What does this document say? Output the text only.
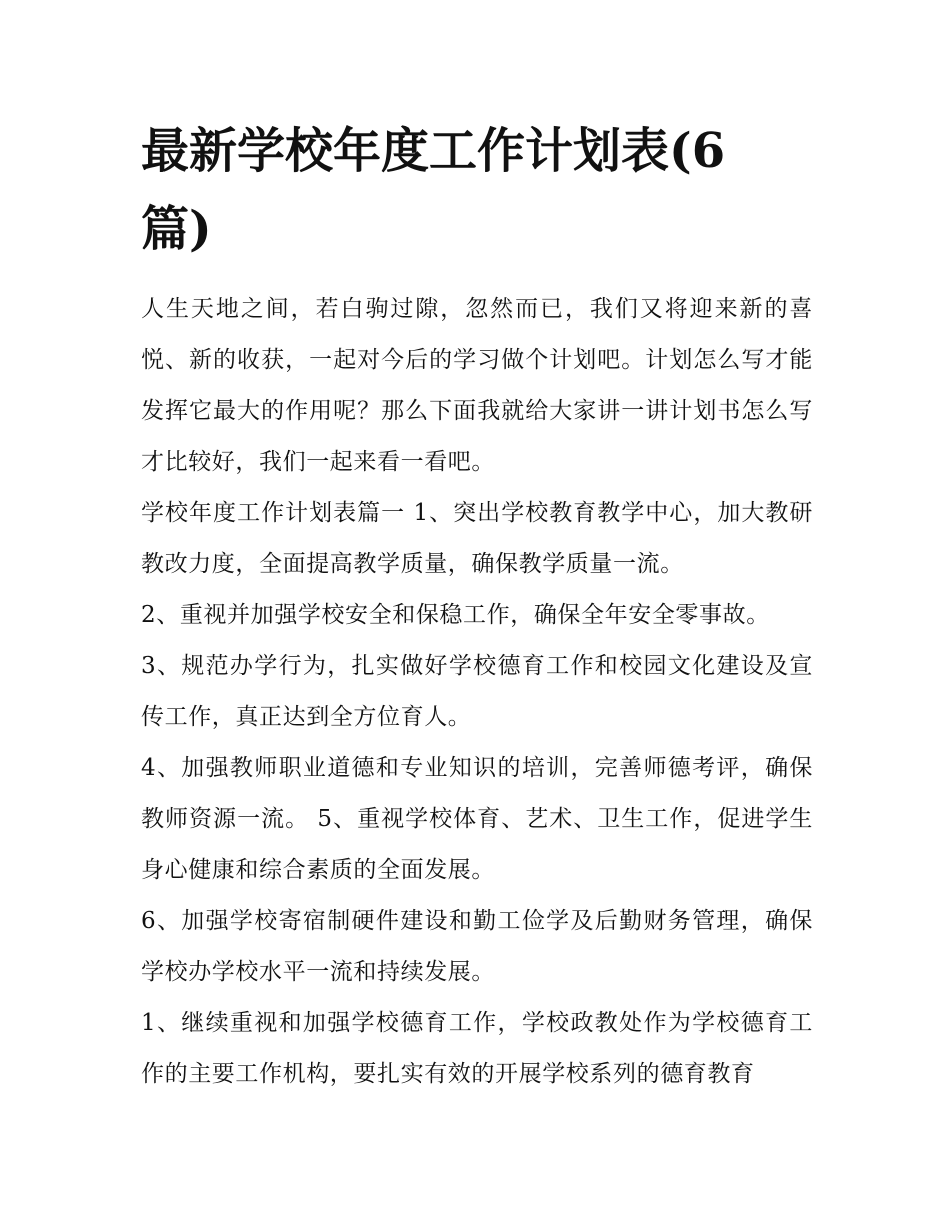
最新学校年度工作计划表(6篇)

人生天地之间，若白驹过隙，忽然而已，我们又将迎来新的喜悦、新的收获，一起对今后的学习做个计划吧。计划怎么写才能发挥它最大的作用呢？那么下面我就给大家讲一讲计划书怎么写才比较好，我们一起来看一看吧。

学校年度工作计划表篇一 1、突出学校教育教学中心，加大教研教改力度，全面提高教学质量，确保教学质量一流。

2、重视并加强学校安全和保稳工作，确保全年安全零事故。

3、规范办学行为，扎实做好学校德育工作和校园文化建设及宣传工作，真正达到全方位育人。

4、加强教师职业道德和专业知识的培训，完善师德考评，确保教师资源一流。 5、重视学校体育、艺术、卫生工作，促进学生身心健康和综合素质的全面发展。

6、加强学校寄宿制硬件建设和勤工俭学及后勤财务管理，确保学校办学校水平一流和持续发展。

1、继续重视和加强学校德育工作，学校政教处作为学校德育工作的主要工作机构，要扎实有效的开展学校系列的德育教育
